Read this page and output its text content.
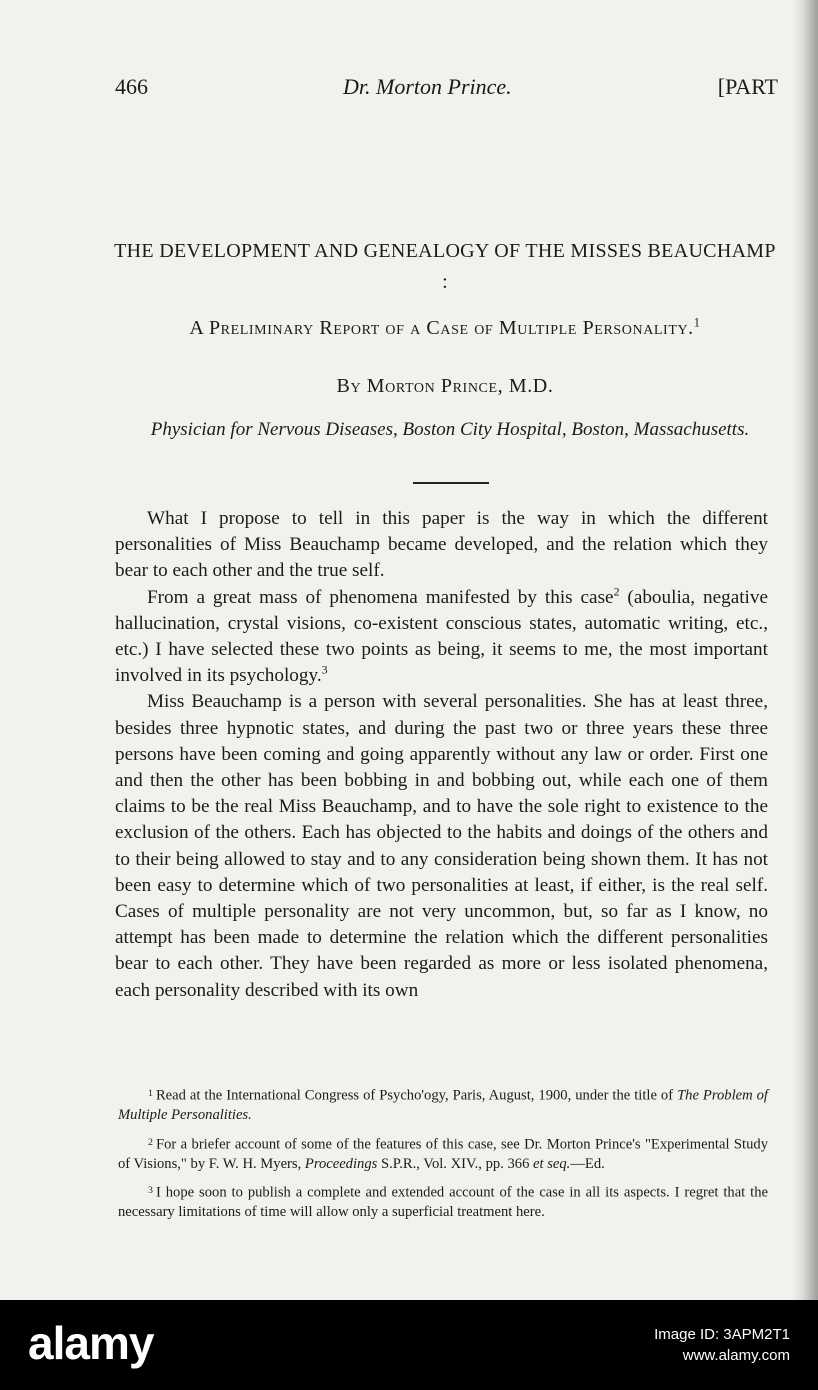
466	Dr. Morton Prince.	[PART
THE DEVELOPMENT AND GENEALOGY OF THE MISSES BEAUCHAMP :
A Preliminary Report of a Case of Multiple Personality.$^1$
By Morton Prince, M.D.
Physician for Nervous Diseases, Boston City Hospital, Boston, Massachusetts.

What I propose to tell in this paper is the way in which the different personalities of Miss Beauchamp became developed, and the relation which they bear to each other and the true self.

From a great mass of phenomena manifested by this case$^2$ (aboulia, negative hallucination, crystal visions, co-existent conscious states, automatic writing, etc., etc.) I have selected these two points as being, it seems to me, the most important involved in its psychology.$^3$

Miss Beauchamp is a person with several personalities. She has at least three, besides three hypnotic states, and during the past two or three years these three persons have been coming and going apparently without any law or order. First one and then the other has been bobbing in and bobbing out, while each one of them claims to be the real Miss Beauchamp, and to have the sole right to existence to the exclusion of the others. Each has objected to the habits and doings of the others and to their being allowed to stay and to any consideration being shown them. It has not been easy to determine which of two personalities at least, if either, is the real self. Cases of multiple personality are not very uncommon, but, so far as I know, no attempt has been made to determine the relation which the different personalities bear to each other. They have been regarded as more or less isolated phenomena, each personality described with its own

$^1$ Read at the International Congress of Psycho'ogy, Paris, August, 1900, under the title of The Problem of Multiple Personalities.

$^2$ For a briefer account of some of the features of this case, see Dr. Morton Prince's "Experimental Study of Visions," by F. W. H. Myers, Proceedings S.P.R., Vol. XIV., pp. 366 et seq.—Ed.

$^3$ I hope soon to publish a complete and extended account of the case in all its aspects. I regret that the necessary limitations of time will allow only a superficial treatment here.

alamy	Image ID: 3APM2T1
www.alamy.com
